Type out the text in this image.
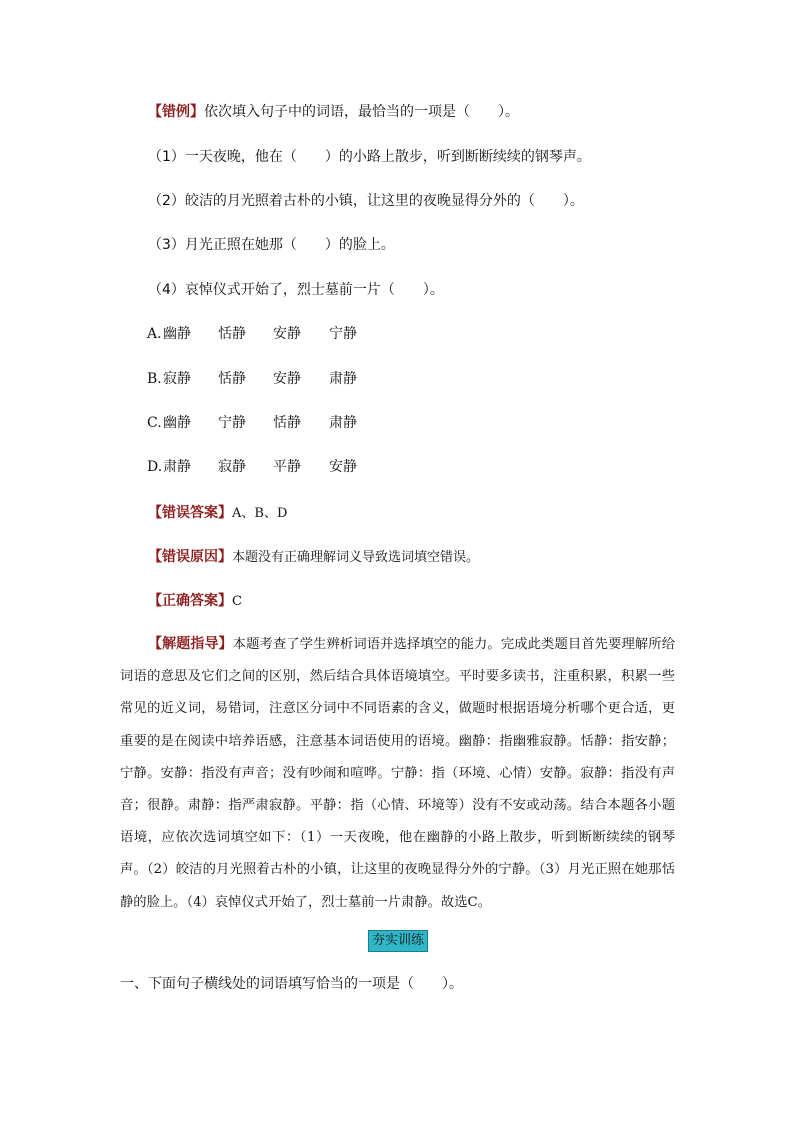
【错例】依次填入句子中的词语，最恰当的一项是（　　）。
（1）一天夜晚，他在（　　）的小路上散步，听到断断续续的钢琴声。
（2）皎洁的月光照着古朴的小镇，让这里的夜晚显得分外的（　　）。
（3）月光正照在她那（　　）的脸上。
（4）哀悼仪式开始了，烈士墓前一片（　　）。
A. 幽静 恬静 安静 宁静
B. 寂静 恬静 安静 肃静
C. 幽静 宁静 恬静 肃静
D. 肃静 寂静 平静 安静
【错误答案】A、B、D
【错误原因】本题没有正确理解词义导致选词填空错误。
【正确答案】C
【解题指导】本题考查了学生辨析词语并选择填空的能力。完成此类题目首先要理解所给词语的意思及它们之间的区别，然后结合具体语境填空。平时要多读书，注重积累，积累一些常见的近义词，易错词，注意区分词中不同语素的含义，做题时根据语境分析哪个更合适，更重要的是在阅读中培养语感，注意基本词语使用的语境。幽静：指幽雅寂静。恬静：指安静；宁静。安静：指没有声音；没有吵闹和喧哗。宁静：指（环境、心情）安静。寂静：指没有声音；很静。肃静：指严肃寂静。平静：指（心情、环境等）没有不安或动荡。结合本题各小题语境，应依次选词填空如下：（1）一天夜晚，他在幽静的小路上散步，听到断断续续的钢琴声。（2）皎洁的月光照着古朴的小镇，让这里的夜晚显得分外的宁静。（3）月光正照在她那恬静的脸上。（4）哀悼仪式开始了，烈士墓前一片肃静。故选C。
夯实训练
一、下面句子横线处的词语填写恰当的一项是（　　）。
